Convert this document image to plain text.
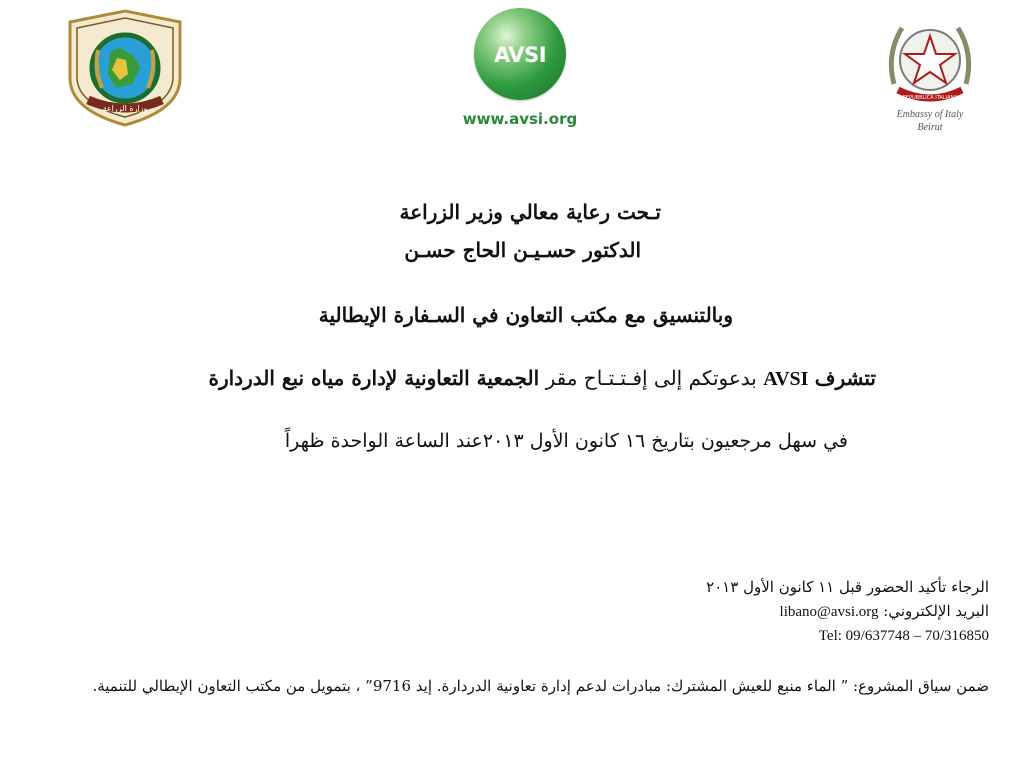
وزارة الزراعة
AVSI
www.avsi.org
REPUBBLICA ITALIANA
Embassy of Italy
Beirut
تـحت رعاية معالي وزير الزراعة
الدكتور حسـيـن الحاج حسـن
وبالتنسيق مع مكتب التعاون في السـفارة الإيطالية
تتشرف AVSI بدعوتكم إلى إفـتـتـاح مقر الجمعية التعاونية لإدارة مياه نبع الدردارة
في سهل مرجعيون بتاريخ ١٦ كانون الأول ٢٠١٣عند الساعة الواحدة ظهراً
الرجاء تأكيد الحضور قبل ١١ كانون الأول ٢٠١٣
البريد الإلكتروني: libano@avsi.org
Tel: 09/637748 – 70/316850
ضمن سياق المشروع: ” الماء منبع للعيش المشترك: مبادرات لدعم إدارة تعاونية الدردارة. إيد 9716” ، بتمويل من مكتب التعاون الإيطالي للتنمية.
